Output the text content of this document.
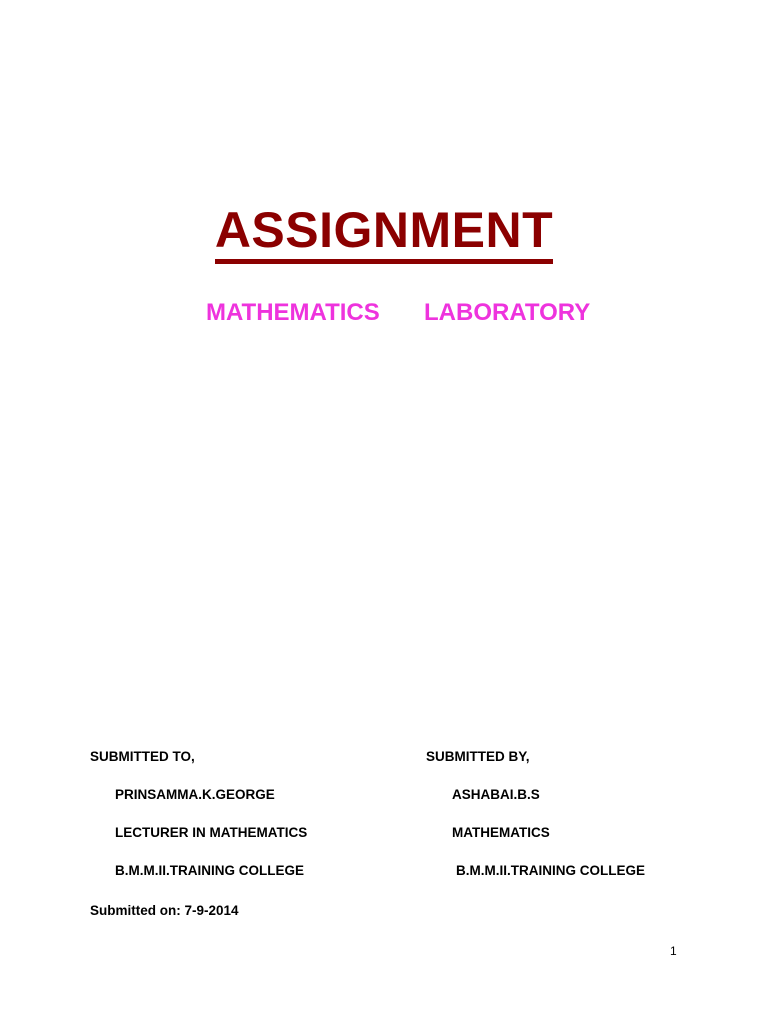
ASSIGNMENT
MATHEMATICS LABORATORY
SUBMITTED TO,
PRINSAMMA.K.GEORGE
LECTURER IN MATHEMATICS
B.M.M.II.TRAINING COLLEGE
SUBMITTED BY,
ASHABAI.B.S
MATHEMATICS
B.M.M.II.TRAINING COLLEGE
Submitted on: 7-9-2014
1
